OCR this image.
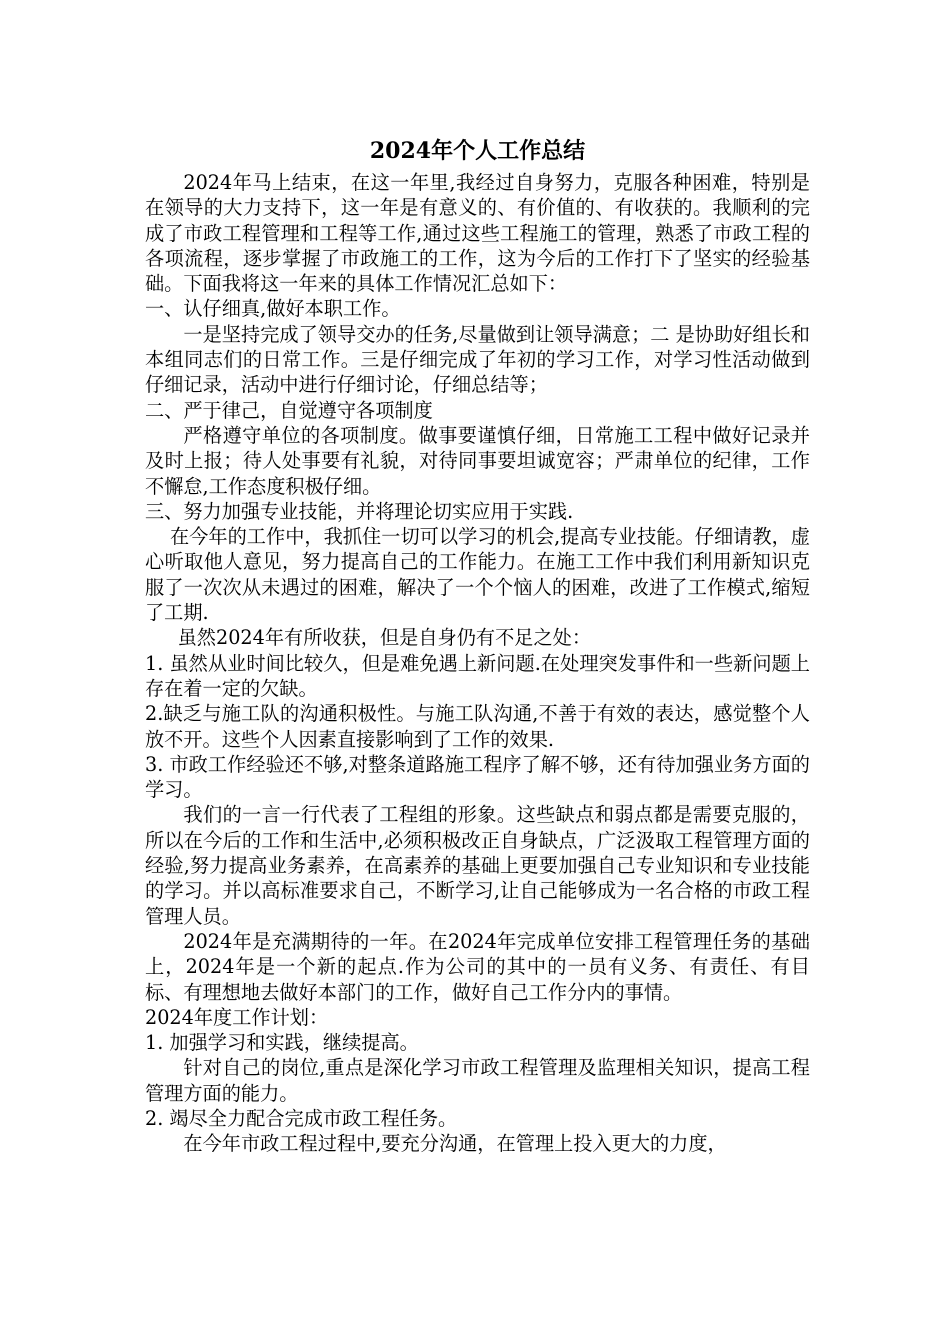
2024年个人工作总结

2024年马上结束，在这一年里,我经过自身努力，克服各种困难，特别是在领导的大力支持下，这一年是有意义的、有价值的、有收获的。我顺利的完成了市政工程管理和工程等工作,通过这些工程施工的管理，熟悉了市政工程的各项流程，逐步掌握了市政施工的工作，这为今后的工作打下了坚实的经验基础。下面我将这一年来的具体工作情况汇总如下：

一、认仔细真,做好本职工作。

一是坚持完成了领导交办的任务,尽量做到让领导满意；二 是协助好组长和本组同志们的日常工作。三是仔细完成了年初的学习工作，对学习性活动做到仔细记录，活动中进行仔细讨论，仔细总结等；

二、严于律己，自觉遵守各项制度

严格遵守单位的各项制度。做事要谨慎仔细，日常施工工程中做好记录并及时上报；待人处事要有礼貌，对待同事要坦诚宽容；严肃单位的纪律，工作不懈怠,工作态度积极仔细。

三、努力加强专业技能，并将理论切实应用于实践.

在今年的工作中，我抓住一切可以学习的机会,提高专业技能。仔细请教，虚心听取他人意见，努力提高自己的工作能力。在施工工作中我们利用新知识克服了一次次从未遇过的困难，解决了一个个恼人的困难，改进了工作模式,缩短了工期.

虽然2024年有所收获，但是自身仍有不足之处：

1. 虽然从业时间比较久，但是难免遇上新问题.在处理突发事件和一些新问题上存在着一定的欠缺。

2.缺乏与施工队的沟通积极性。与施工队沟通,不善于有效的表达，感觉整个人放不开。这些个人因素直接影响到了工作的效果.

3. 市政工作经验还不够,对整条道路施工程序了解不够，还有待加强业务方面的学习。

我们的一言一行代表了工程组的形象。这些缺点和弱点都是需要克服的，所以在今后的工作和生活中,必须积极改正自身缺点，广泛汲取工程管理方面的经验,努力提高业务素养，在高素养的基础上更要加强自己专业知识和专业技能的学习。并以高标准要求自己，不断学习,让自己能够成为一名合格的市政工程管理人员。

2024年是充满期待的一年。在2024年完成单位安排工程管理任务的基础上，2024年是一个新的起点.作为公司的其中的一员有义务、有责任、有目标、有理想地去做好本部门的工作，做好自己工作分内的事情。

2024年度工作计划：

1. 加强学习和实践，继续提高。

针对自己的岗位,重点是深化学习市政工程管理及监理相关知识，提高工程管理方面的能力。

2. 竭尽全力配合完成市政工程任务。

在今年市政工程过程中,要充分沟通，在管理上投入更大的力度，
